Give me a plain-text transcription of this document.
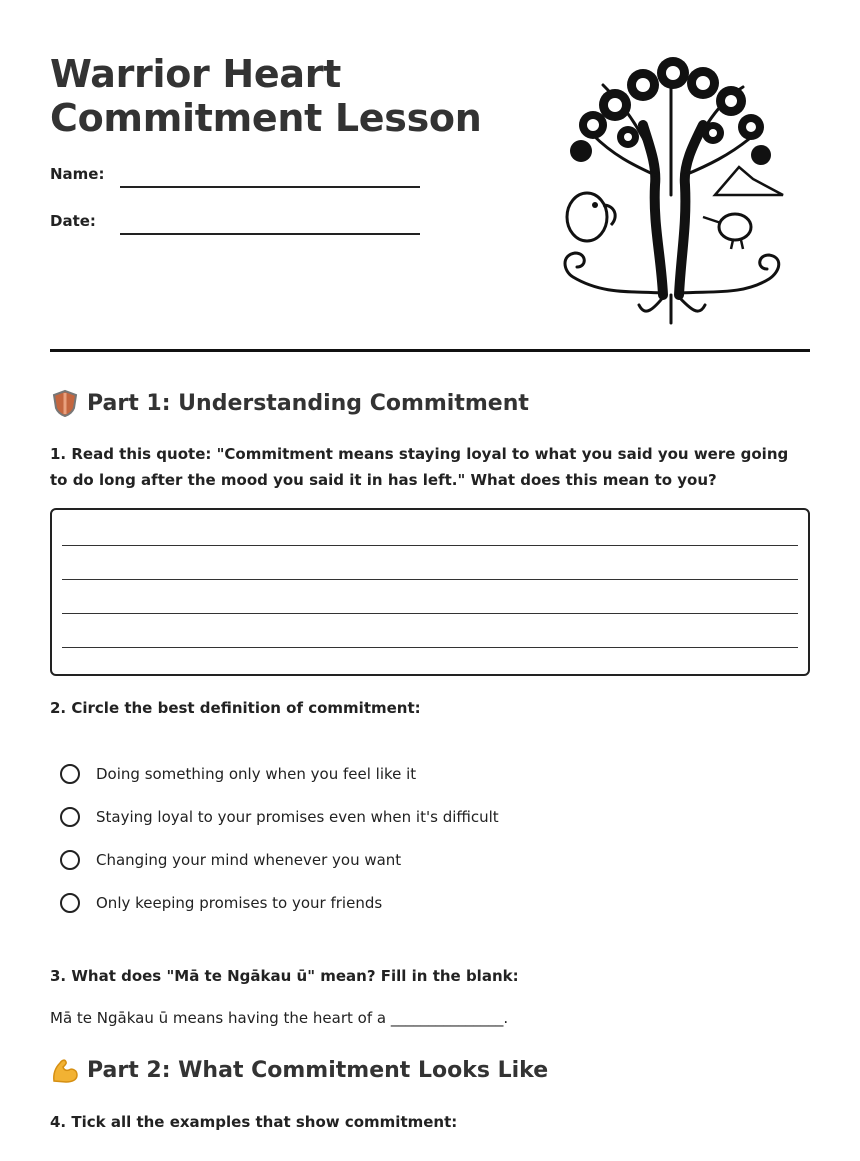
Warrior Heart
Commitment Lesson
Name:
Date:
Part 1: Understanding Commitment

1. Read this quote: "Commitment means staying loyal to what you said you were going to do long after the mood you said it in has left." What does this mean to you?

2. Circle the best definition of commitment:

Doing something only when you feel like it
Staying loyal to your promises even when it's difficult
Changing your mind whenever you want
Only keeping promises to your friends

3. What does "Mā te Ngākau ū" mean? Fill in the blank:

Mā te Ngākau ū means having the heart of a _______________.
Part 2: What Commitment Looks Like

4. Tick all the examples that show commitment:
